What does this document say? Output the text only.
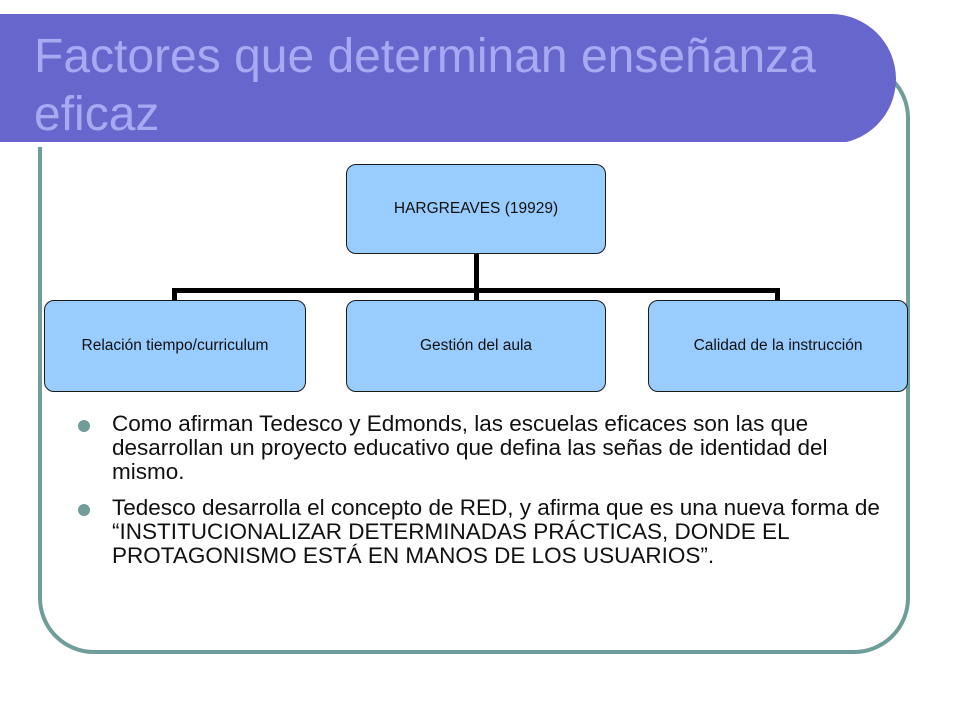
Factores que determinan enseñanza eficaz
HARGREAVES (19929)
Relación tiempo/curriculum	Gestión del aula	Calidad de la instrucción
Como afirman Tedesco y Edmonds, las escuelas eficaces son las que desarrollan un proyecto educativo que defina las señas de identidad del mismo.
Tedesco desarrolla el concepto de RED, y afirma que es una nueva forma de “INSTITUCIONALIZAR DETERMINADAS PRÁCTICAS, DONDE EL PROTAGONISMO ESTÁ EN MANOS DE LOS USUARIOS”.
